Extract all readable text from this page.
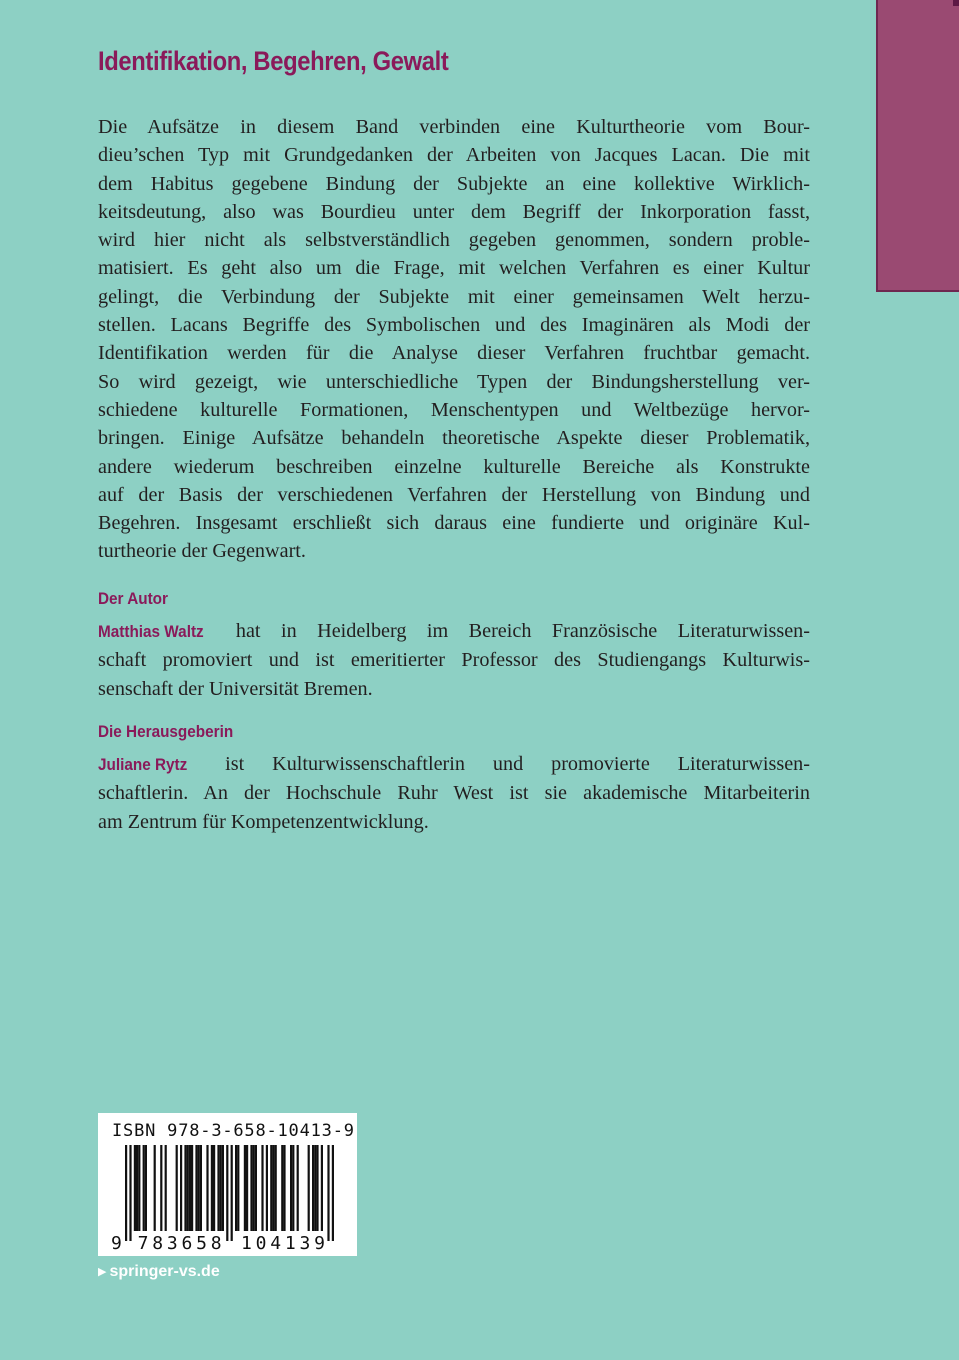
Identifikation, Begehren, Gewalt
Die Aufsätze in diesem Band verbinden eine Kulturtheorie vom Bour-
dieu’schen Typ mit Grundgedanken der Arbeiten von Jacques Lacan. Die mit
dem Habitus gegebene Bindung der Subjekte an eine kollektive Wirklich-
keitsdeutung, also was Bourdieu unter dem Begriff der Inkorporation fasst,
wird hier nicht als selbstverständlich gegeben genommen, sondern proble-
matisiert. Es geht also um die Frage, mit welchen Verfahren es einer Kultur
gelingt, die Verbindung der Subjekte mit einer gemeinsamen Welt herzu-
stellen. Lacans Begriffe des Symbolischen und des Imaginären als Modi der
Identifikation werden für die Analyse dieser Verfahren fruchtbar gemacht.
So wird gezeigt, wie unterschiedliche Typen der Bindungsherstellung ver-
schiedene kulturelle Formationen, Menschentypen und Weltbezüge hervor-
bringen. Einige Aufsätze behandeln theoretische Aspekte dieser Problematik,
andere wiederum beschreiben einzelne kulturelle Bereiche als Konstrukte
auf der Basis der verschiedenen Verfahren der Herstellung von Bindung und
Begehren. Insgesamt erschließt sich daraus eine fundierte und originäre Kul-
turtheorie der Gegenwart.
Der Autor
Matthias Waltz hat in Heidelberg im Bereich Französische Literaturwissen-
schaft promoviert und ist emeritierter Professor des Studiengangs Kulturwis-
senschaft der Universität Bremen.
Die Herausgeberin
Juliane Rytz ist Kulturwissenschaftlerin und promovierte Literaturwissen-
schaftlerin. An der Hochschule Ruhr West ist sie akademische Mitarbeiterin
am Zentrum für Kompetenzentwicklung.
ISBN 978-3-658-10413-9
9 783658 104139

▶ springer-vs.de
